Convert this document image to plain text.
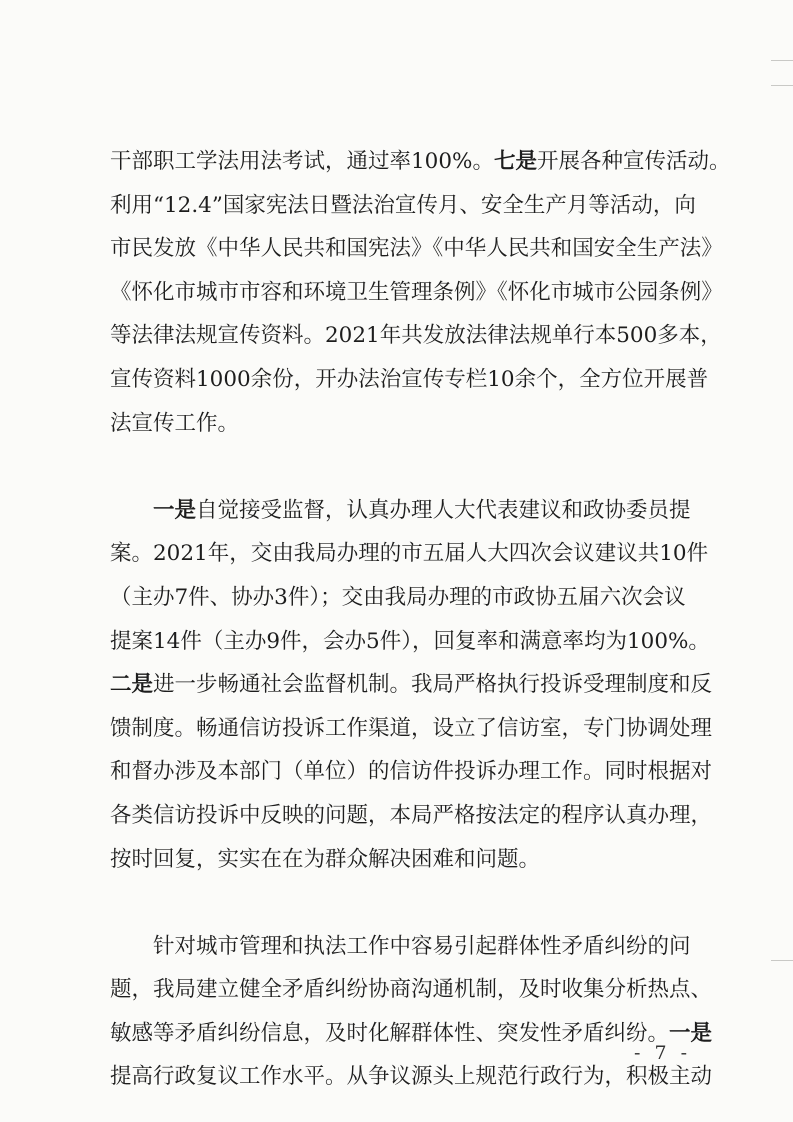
干部职工学法用法考试，通过率100%。七是开展各种宣传活动。
利用“12.4”国家宪法日暨法治宣传月、安全生产月等活动，向
市民发放《中华人民共和国宪法》《中华人民共和国安全生产法》
《怀化市城市市容和环境卫生管理条例》《怀化市城市公园条例》
等法律法规宣传资料。2021年共发放法律法规单行本500多本，
宣传资料1000余份，开办法治宣传专栏10余个，全方位开展普
法宣传工作。
一是自觉接受监督，认真办理人大代表建议和政协委员提
案。2021年，交由我局办理的市五届人大四次会议建议共10件
（主办7件、协办3件）；交由我局办理的市政协五届六次会议
提案14件（主办9件，会办5件），回复率和满意率均为100%。
二是进一步畅通社会监督机制。我局严格执行投诉受理制度和反
馈制度。畅通信访投诉工作渠道，设立了信访室，专门协调处理
和督办涉及本部门（单位）的信访件投诉办理工作。同时根据对
各类信访投诉中反映的问题，本局严格按法定的程序认真办理，
按时回复，实实在在为群众解决困难和问题。
针对城市管理和执法工作中容易引起群体性矛盾纠纷的问
题，我局建立健全矛盾纠纷协商沟通机制，及时收集分析热点、
敏感等矛盾纠纷信息，及时化解群体性、突发性矛盾纠纷。一是
提高行政复议工作水平。从争议源头上规范行政行为，积极主动
- 7 -
